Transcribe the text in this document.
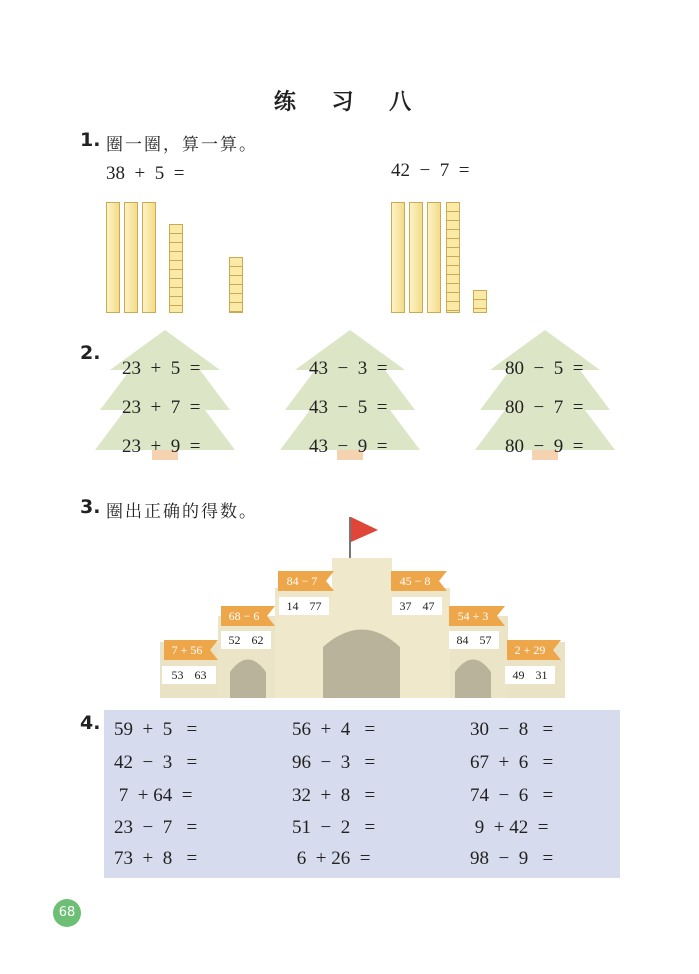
练 习 八
1. 圈一圈，算一算。
38  +  5  =	42  −  7  =
2.
23  +  5  =
23  +  7  =
23  +  9  =
43  −  3  =
43  −  5  =
43  −  9  =
80  −  5  =
80  −  7  =
80  −  9  =
3. 圈出正确的得数。
7 + 56
53 63
68 − 6
52 62
84 − 7
14 77
45 − 8
37 47
54 + 3
84 57
2 + 29
49 31
4. 59  +  5   =
42  −  3   =
7  + 64  =
23  −  7   =
73  +  8   =
56  +  4   =
96  −  3   =
32  +  8   =
51  −  2   =
6  + 26  =
30  −  8   =
67  +  6   =
74  −  6   =
9  + 42  =
98  −  9   =
68
